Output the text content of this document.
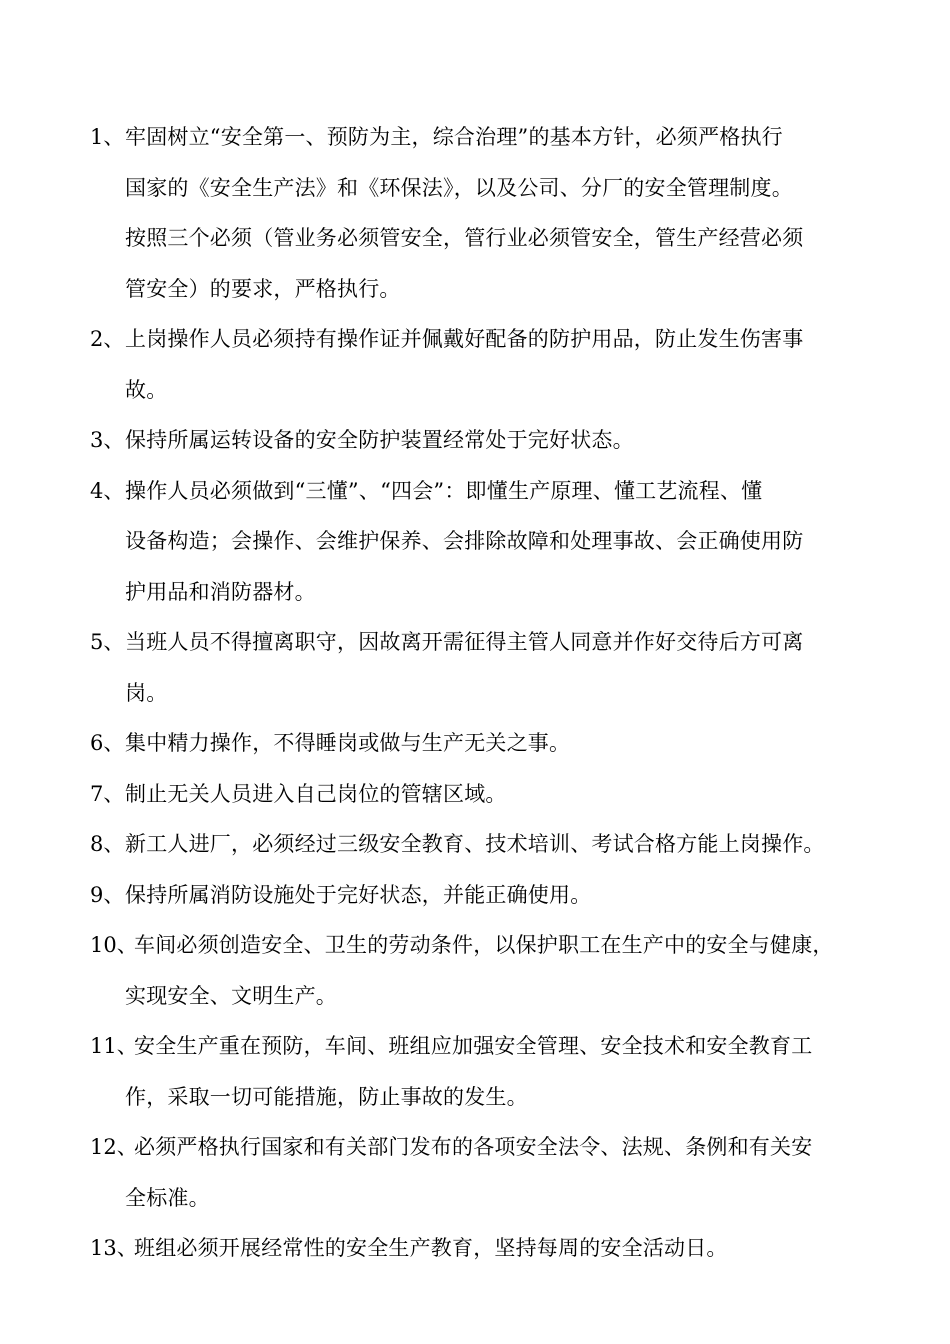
1、 牢固树立“安全第一、预防为主，综合治理”的基本方针，必须严格执行
国家的《安全生产法》和《环保法》，以及公司、分厂的安全管理制度。
按照三个必须（管业务必须管安全，管行业必须管安全，管生产经营必须
管安全）的要求，严格执行。
2、 上岗操作人员必须持有操作证并佩戴好配备的防护用品，防止发生伤害事
故。
3、 保持所属运转设备的安全防护装置经常处于完好状态。
4、 操作人员必须做到“三懂”、“四会”：即懂生产原理、懂工艺流程、懂
设备构造；会操作、会维护保养、会排除故障和处理事故、会正确使用防
护用品和消防器材。
5、 当班人员不得擅离职守，因故离开需征得主管人同意并作好交待后方可离
岗。
6、 集中精力操作，不得睡岗或做与生产无关之事。
7、 制止无关人员进入自己岗位的管辖区域。
8、 新工人进厂，必须经过三级安全教育、技术培训、考试合格方能上岗操作。
9、 保持所属消防设施处于完好状态，并能正确使用。
10、
车间必须创造安全、卫生的劳动条件，以保护职工在生产中的安全与健康，
实现安全、文明生产。
11、
安全生产重在预防，车间、班组应加强安全管理、安全技术和安全教育工
作，采取一切可能措施，防止事故的发生。
12、
必须严格执行国家和有关部门发布的各项安全法令、法规、条例和有关安
全标准。
13、
班组必须开展经常性的安全生产教育，坚持每周的安全活动日。
